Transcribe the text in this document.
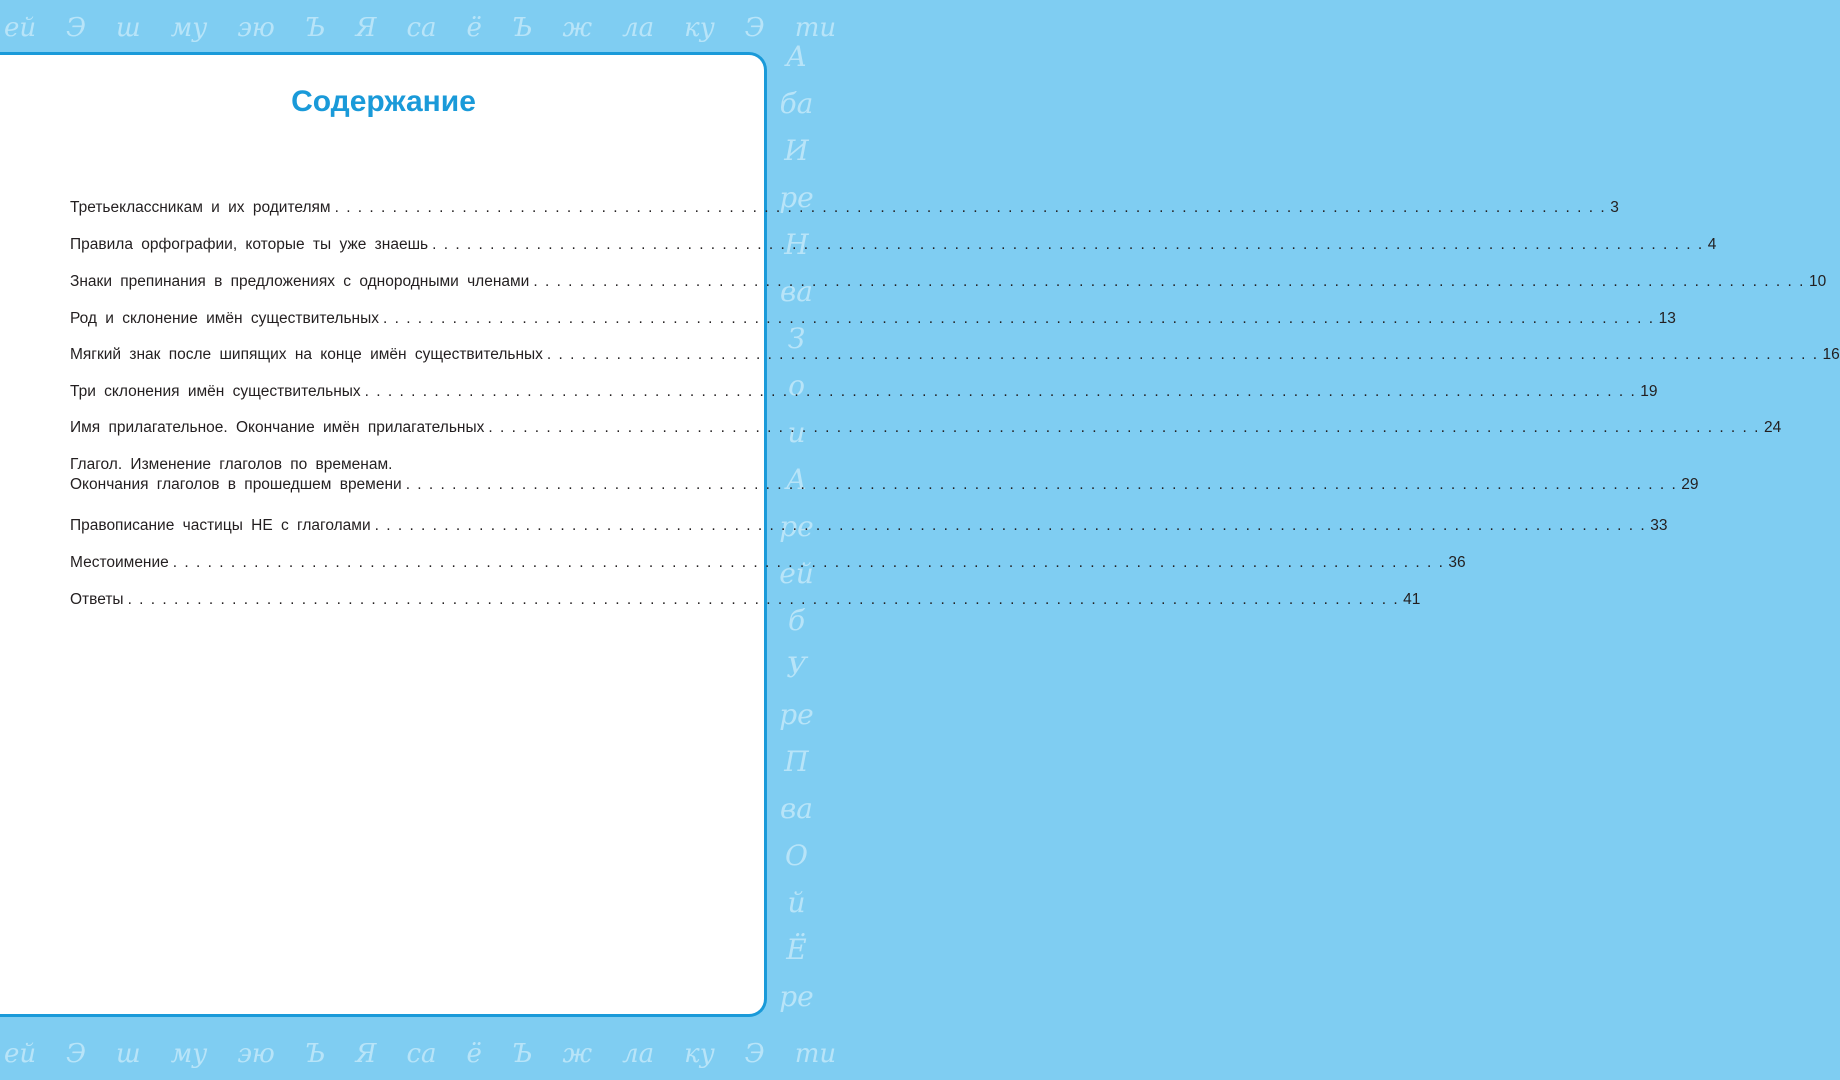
ей Э ш му эю Ъ Я са ё Ъ ж ла ку Э ти
А
ба
И
ре
Н
ва
З
о
и
А
ре
ей
б
У
ре
П
ва
О
й
Ё
ре
ей Э ш му эю Ъ Я са ё Ъ ж ла ку Э ти
Содержание
Третьеклассникам и их родителям . . .	3
Правила орфографии, которые ты уже знаешь . . .	4
Знаки препинания в предложениях с однородными членами . . .	10
Род и склонение имён существительных . . .	13
Мягкий знак после шипящих на конце имён существительных . . .	16
Три склонения имён существительных . . .	19
Имя прилагательное. Окончание имён прилагательных . . .	24
Глагол. Изменение глаголов по временам.
Окончания глаголов в прошедшем времени . . .	29
Правописание частицы НЕ с глаголами . . .	33
Местоимение . . .	36
Ответы . . .	41
